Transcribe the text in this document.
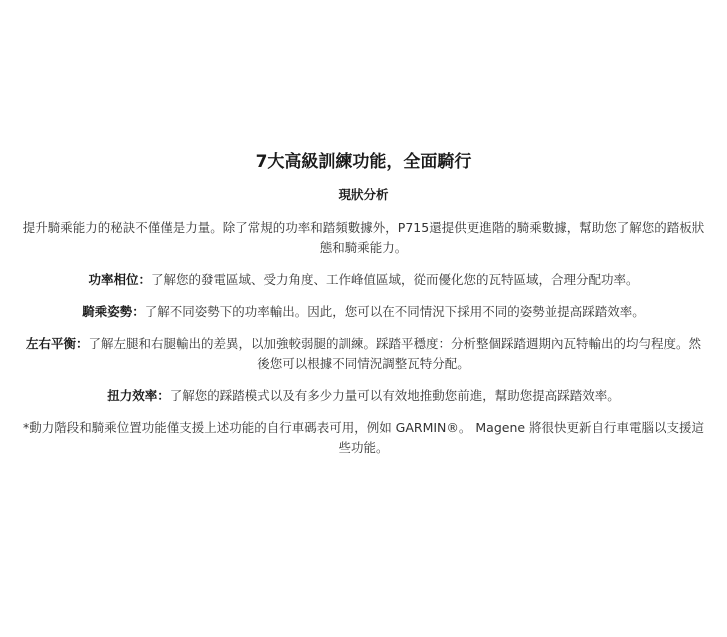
7大高級訓練功能，全面騎行
現狀分析

提升騎乘能力的秘訣不僅僅是力量。除了常規的功率和踏頻數據外，P715還提供更進階的騎乘數據，幫助您了解您的踏板狀態和騎乘能力。

功率相位：了解您的發電區域、受力角度、工作峰值區域，從而優化您的瓦特區域，合理分配功率。

騎乘姿勢：了解不同姿勢下的功率輸出。因此，您可以在不同情況下採用不同的姿勢並提高踩踏效率。

左右平衡：了解左腿和右腿輸出的差異，以加強較弱腿的訓練。踩踏平穩度：分析整個踩踏週期內瓦特輸出的均勻程度。然後您可以根據不同情況調整瓦特分配。

扭力效率：了解您的踩踏模式以及有多少力量可以有效地推動您前進，幫助您提高踩踏效率。

*動力階段和騎乘位置功能僅支援上述功能的自行車碼表可用，例如 GARMIN®。 Magene 將很快更新自行車電腦以支援這些功能。
